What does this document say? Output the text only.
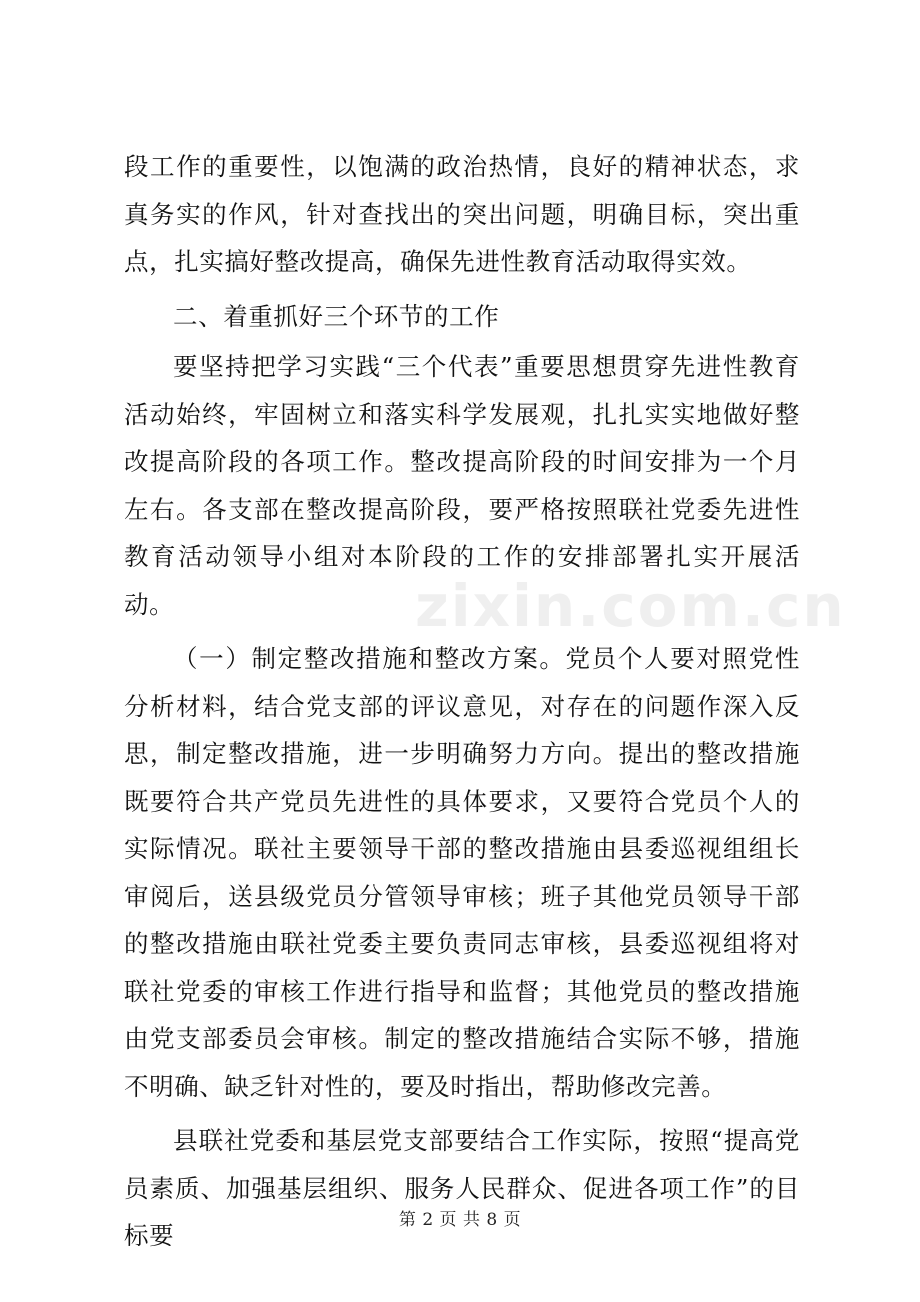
段工作的重要性，以饱满的政治热情，良好的精神状态，求真务实的作风，针对查找出的突出问题，明确目标，突出重点，扎实搞好整改提高，确保先进性教育活动取得实效。

二、着重抓好三个环节的工作

要坚持把学习实践“三个代表”重要思想贯穿先进性教育活动始终，牢固树立和落实科学发展观，扎扎实实地做好整改提高阶段的各项工作。整改提高阶段的时间安排为一个月左右。各支部在整改提高阶段，要严格按照联社党委先进性教育活动领导小组对本阶段的工作的安排部署扎实开展活动。

（一）制定整改措施和整改方案。党员个人要对照党性分析材料，结合党支部的评议意见，对存在的问题作深入反思，制定整改措施，进一步明确努力方向。提出的整改措施既要符合共产党员先进性的具体要求，又要符合党员个人的实际情况。联社主要领导干部的整改措施由县委巡视组组长审阅后，送县级党员分管领导审核；班子其他党员领导干部的整改措施由联社党委主要负责同志审核，县委巡视组将对联社党委的审核工作进行指导和监督；其他党员的整改措施由党支部委员会审核。制定的整改措施结合实际不够，措施不明确、缺乏针对性的，要及时指出，帮助修改完善。

县联社党委和基层党支部要结合工作实际，按照“提高党员素质、加强基层组织、服务人民群众、促进各项工作”的目标要

zixin.com.cn
第 2 页 共 8 页
